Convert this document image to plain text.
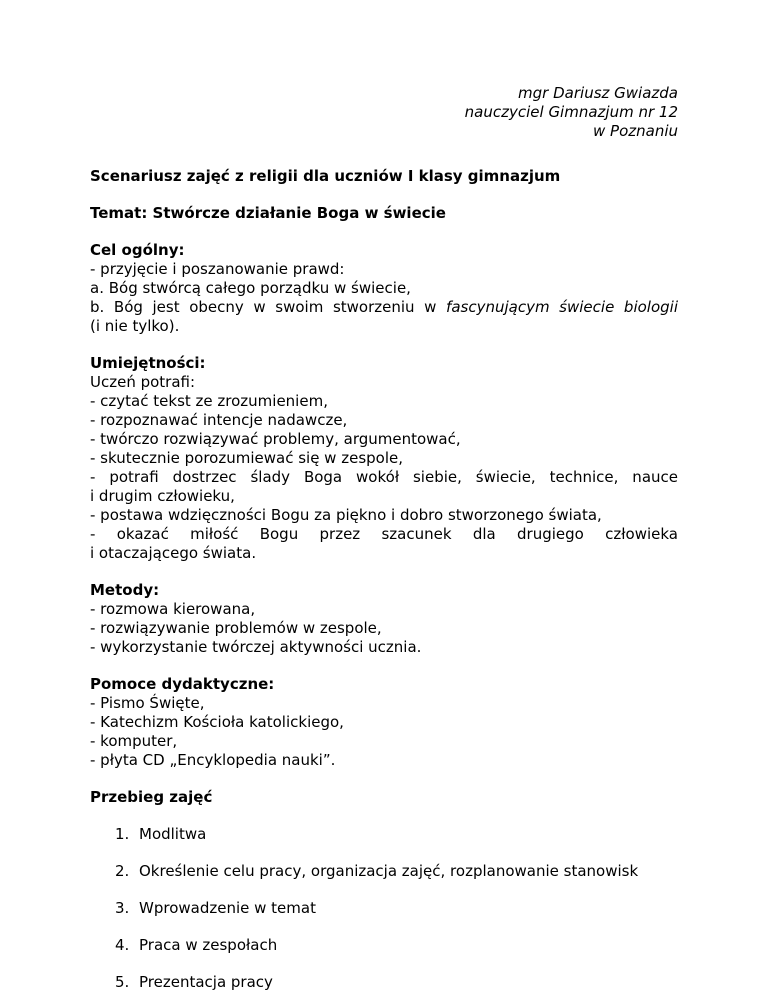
mgr Dariusz Gwiazda
nauczyciel Gimnazjum nr 12
w Poznaniu
Scenariusz zajęć z religii dla uczniów I klasy gimnazjum
Temat: Stwórcze działanie Boga w świecie
Cel ogólny:
- przyjęcie i poszanowanie prawd:
a. Bóg stwórcą całego porządku w świecie,
b. Bóg jest obecny w swoim stworzeniu w fascynującym świecie biologii
(i nie tylko).
Umiejętności:
Uczeń potrafi:
- czytać tekst ze zrozumieniem,
- rozpoznawać intencje nadawcze,
- twórczo rozwiązywać problemy, argumentować,
- skutecznie porozumiewać się w zespole,
- potrafi dostrzec ślady Boga wokół siebie, świecie, technice, nauce
i drugim człowieku,
- postawa wdzięczności Bogu za piękno i dobro stworzonego świata,
- okazać miłość Bogu przez szacunek dla drugiego człowieka
i otaczającego świata.
Metody:
- rozmowa kierowana,
- rozwiązywanie problemów w zespole,
- wykorzystanie twórczej aktywności ucznia.
Pomoce dydaktyczne:
- Pismo Święte,
- Katechizm Kościoła katolickiego,
- komputer,
- płyta CD „Encyklopedia nauki”.
Przebieg zajęć
1. Modlitwa
2. Określenie celu pracy, organizacja zajęć, rozplanowanie stanowisk
3. Wprowadzenie w temat
4. Praca w zespołach
5. Prezentacja pracy
